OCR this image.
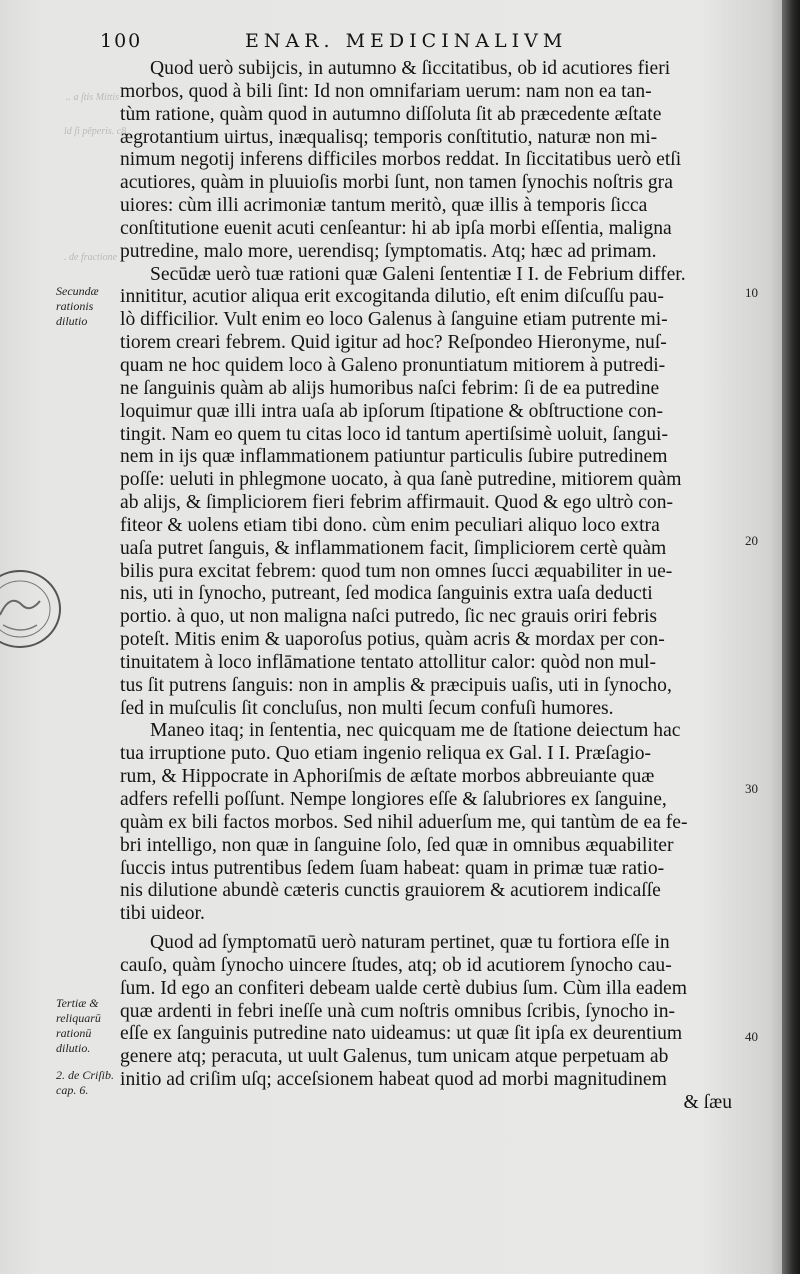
100	ENAR. MEDICINALIVM
.. a ſtis Mittis
ld ſi pēperis. c8
. de fractione
Quod uerò subijcis, in autumno & ſiccitatibus, ob id acutiores fieri
morbos, quod à bili ſint: Id non omnifariam uerum: nam non ea tan-
tùm ratione, quàm quod in autumno diſſoluta ſit ab præcedente æſtate
ægrotantium uirtus, inæqualisq; temporis conſtitutio, naturæ non mi-
nimum negotij inferens difficiles morbos reddat. In ſiccitatibus uerò etſi
acutiores, quàm in pluuioſis morbi ſunt, non tamen ſynochis noſtris gra
uiores: cùm illi acrimoniæ tantum meritò, quæ illis à temporis ſicca
conſtitutione euenit acuti cenſeantur: hi ab ipſa morbi eſſentia, maligna
putredine, malo more, uerendisq; ſymptomatis. Atq; hæc ad primam.
Secūdæ uerò tuæ rationi quæ Galeni ſententiæ I I. de Febrium differ.
innititur, acutior aliqua erit excogitanda dilutio, eſt enim diſcuſſu pau-
lò difficilior. Vult enim eo loco Galenus à ſanguine etiam putrente mi-
tiorem creari febrem. Quid igitur ad hoc? Reſpondeo Hieronyme, nuſ-
quam ne hoc quidem loco à Galeno pronuntiatum mitiorem à putredi-
ne ſanguinis quàm ab alijs humoribus naſci febrim: ſi de ea putredine
loquimur quæ illi intra uaſa ab ipſorum ſtipatione & obſtructione con-
tingit. Nam eo quem tu citas loco id tantum apertiſsimè uoluit, ſangui-
nem in ijs quæ inflammationem patiuntur particulis ſubire putredinem
poſſe: ueluti in phlegmone uocato, à qua ſanè putredine, mitiorem quàm
ab alijs, & ſimpliciorem fieri febrim affirmauit. Quod & ego ultrò con-
fiteor & uolens etiam tibi dono. cùm enim peculiari aliquo loco extra
uaſa putret ſanguis, & inflammationem facit, ſimpliciorem certè quàm
bilis pura excitat febrem: quod tum non omnes ſucci æquabiliter in ue-
nis, uti in ſynocho, putreant, ſed modica ſanguinis extra uaſa deducti
portio. à quo, ut non maligna naſci putredo, ſic nec grauis oriri febris
poteſt. Mitis enim & uaporoſus potius, quàm acris & mordax per con-
tinuitatem à loco inflāmatione tentato attollitur calor: quòd non mul-
tus ſit putrens ſanguis: non in amplis & præcipuis uaſis, uti in ſynocho,
ſed in muſculis ſit concluſus, non multi ſecum confuſi humores.
Maneo itaq; in ſententia, nec quicquam me de ſtatione deiectum hac
tua irruptione puto. Quo etiam ingenio reliqua ex Gal. I I. Præſagio-
rum, & Hippocrate in Aphoriſmis de æſtate morbos abbreuiante quæ
adfers refelli poſſunt. Nempe longiores eſſe & ſalubriores ex ſanguine,
quàm ex bili factos morbos. Sed nihil aduerſum me, qui tantùm de ea fe-
bri intelligo, non quæ in ſanguine ſolo, ſed quæ in omnibus æquabiliter
ſuccis intus putrentibus ſedem ſuam habeat: quam in primæ tuæ ratio-
nis dilutione abundè cæteris cunctis grauiorem & acutiorem indicaſſe
tibi uideor.
Quod ad ſymptomatū uerò naturam pertinet, quæ tu fortiora eſſe in
cauſo, quàm ſynocho uincere ſtudes, atq; ob id acutiorem ſynocho cau-
ſum. Id ego an confiteri debeam ualde certè dubius ſum. Cùm illa eadem
quæ ardenti in febri ineſſe unà cum noſtris omnibus ſcribis, ſynocho in-
eſſe ex ſanguinis putredine nato uideamus: ut quæ ſit ipſa ex deurentium
genere atq; peracuta, ut uult Galenus, tum unicam atque perpetuam ab
initio ad criſim uſq; acceſsionem habeat quod ad morbi magnitudinem
& ſæu
Secundæ rationis dilutio
Tertiæ & reliquarū rationū dilutio.
2. de Criſib. cap. 6.
10
20
30
40
